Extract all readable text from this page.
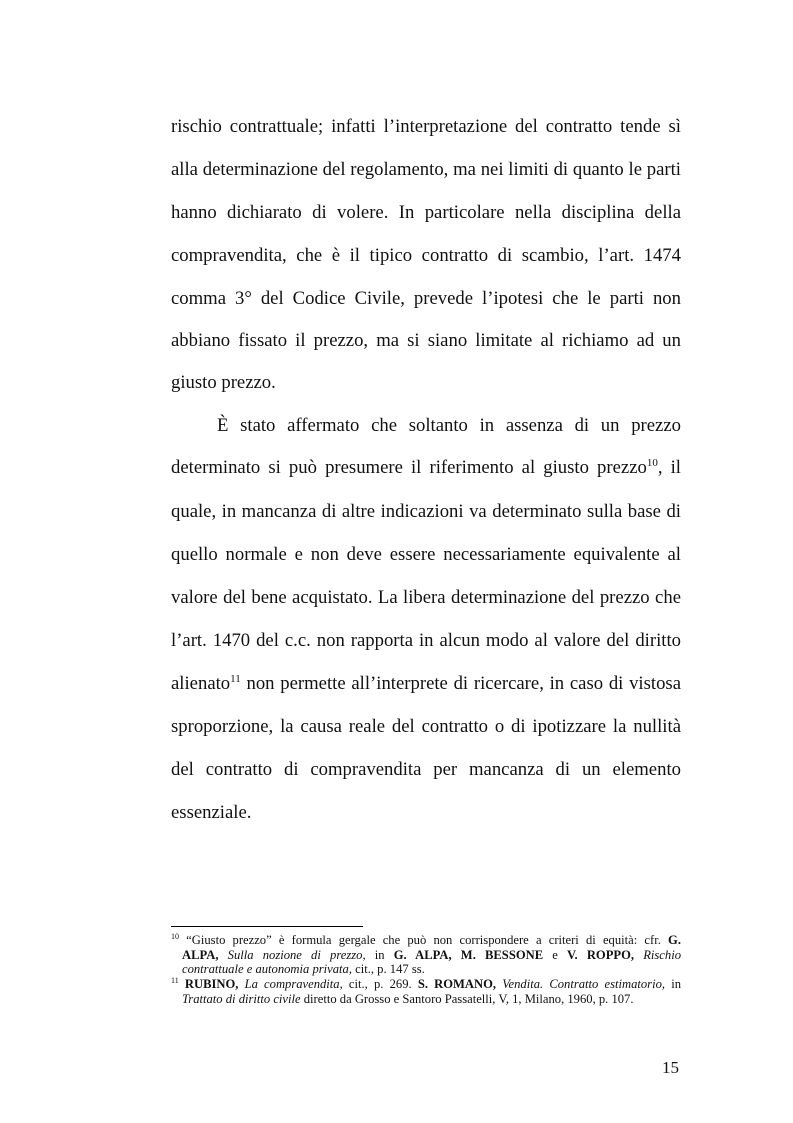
rischio contrattuale; infatti l’interpretazione del contratto tende sì
alla determinazione del regolamento, ma nei limiti di quanto le parti
hanno dichiarato di volere. In particolare nella disciplina della
compravendita, che è il tipico contratto di scambio, l’art. 1474
comma 3° del Codice Civile, prevede l’ipotesi che le parti non
abbiano fissato il prezzo, ma si siano limitate al richiamo ad un
giusto prezzo.
È stato affermato che soltanto in assenza di un prezzo
determinato si può presumere il riferimento al giusto prezzo$^{10}$, il
quale, in mancanza di altre indicazioni va determinato sulla base di
quello normale e non deve essere necessariamente equivalente al
valore del bene acquistato. La libera determinazione del prezzo che
l’art. 1470 del c.c. non rapporta in alcun modo al valore del diritto
alienato$^{11}$ non permette all’interprete di ricercare, in caso di vistosa
sproporzione, la causa reale del contratto o di ipotizzare la nullità
del contratto di compravendita per mancanza di un elemento
essenziale.
$^{10}$ “Giusto prezzo” è formula gergale che può non corrispondere a criteri di equità: cfr. G.
ALPA, Sulla nozione di prezzo, in G. ALPA, M. BESSONE e V. ROPPO, Rischio
contrattuale e autonomia privata, cit., p. 147 ss.
$^{11}$ RUBINO, La compravendita, cit., p. 269. S. ROMANO, Vendita. Contratto estimatorio, in
Trattato di diritto civile diretto da Grosso e Santoro Passatelli, V, 1, Milano, 1960, p. 107.
15
